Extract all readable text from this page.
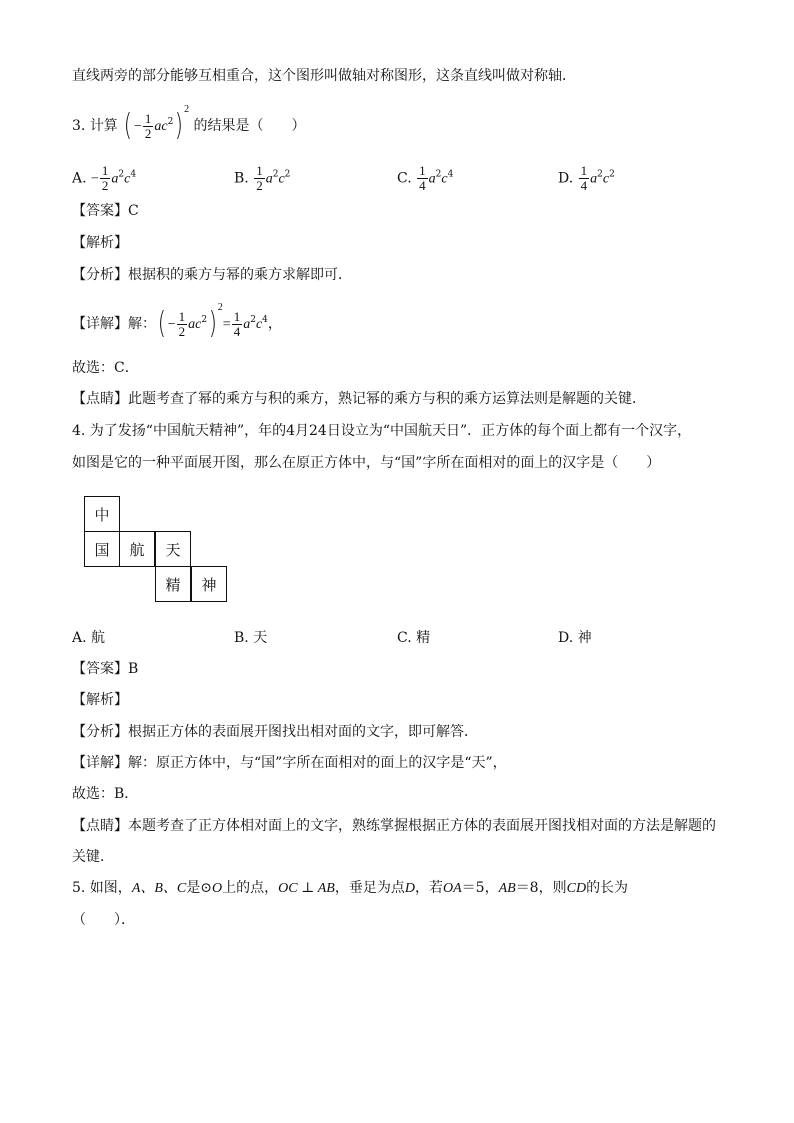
直线两旁的部分能够互相重合，这个图形叫做轴对称图形，这条直线叫做对称轴．
3. 计算 ( − $\frac{1}{2} ac^2)^2$ 的结果是（　　）
A. − $\frac{1}{2} a^2c^4$	B. $\frac{1}{2} a^2c^2$	C. $\frac{1}{4} a^2c^4$	D. $\frac{1}{4} a^2c^2$
【答案】C
【解析】
【分析】根据积的乘方与幂的乘方求解即可．
【详解】解：( − $\frac{1}{2} ac^2)^2= \frac{1}{4} a^2c^4$，
故选：C．
【点睛】此题考查了幂的乘方与积的乘方，熟记幂的乘方与积的乘方运算法则是解题的关键．
4. 为了发扬“中国航天精神”，年的4月24日设立为“中国航天日”．正方体的每个面上都有一个汉字，
如图是它的一种平面展开图，那么在原正方体中，与“国”字所在面相对的面上的汉字是（　　）
中
国	航	天
精	神
A. 航	B. 天	C. 精	D. 神
【答案】B
【解析】
【分析】根据正方体的表面展开图找出相对面的文字，即可解答．
【详解】解：原正方体中，与“国”字所在面相对的面上的汉字是“天”，
故选：B．
【点睛】本题考查了正方体相对面上的文字，熟练掌握根据正方体的表面展开图找相对面的方法是解题的
关键．
5. 如图，A、B、C是⊙O上的点，OC ⊥ AB，垂足为点D，若OA＝5，AB＝8，则CD的长为
（　　）．
